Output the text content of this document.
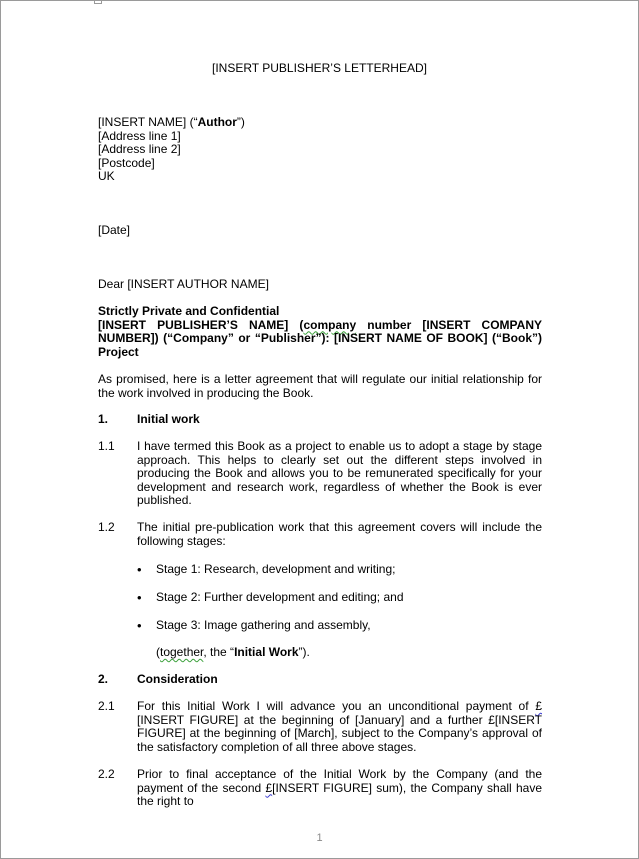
[INSERT PUBLISHER’S LETTERHEAD]
[INSERT NAME] (“Author”)
[Address line 1]
[Address line 2]
[Postcode]
UK
[Date]
Dear [INSERT AUTHOR NAME]
Strictly Private and Confidential
[INSERT PUBLISHER’S NAME] (company number [INSERT COMPANY NUMBER]) (“Company” or “Publisher”): [INSERT NAME OF BOOK] (“Book”) Project
As promised, here is a letter agreement that will regulate our initial relationship for the work involved in producing the Book.
1. Initial work
1.1	I have termed this Book as a project to enable us to adopt a stage by stage approach. This helps to clearly set out the different steps involved in producing the Book and allows you to be remunerated specifically for your development and research work, regardless of whether the Book is ever published.
1.2	The initial pre-publication work that this agreement covers will include the following stages:
•	Stage 1: Research, development and writing;
•	Stage 2: Further development and editing; and
•	Stage 3: Image gathering and assembly,
(together, the “Initial Work”).
2. Consideration
2.1	For this Initial Work I will advance you an unconditional payment of £[INSERT FIGURE] at the beginning of [January] and a further £[INSERT FIGURE] at the beginning of [March], subject to the Company’s approval of the satisfactory completion of all three above stages.
2.2	Prior to final acceptance of the Initial Work by the Company (and the payment of the second £[INSERT FIGURE] sum), the Company shall have the right to
1
